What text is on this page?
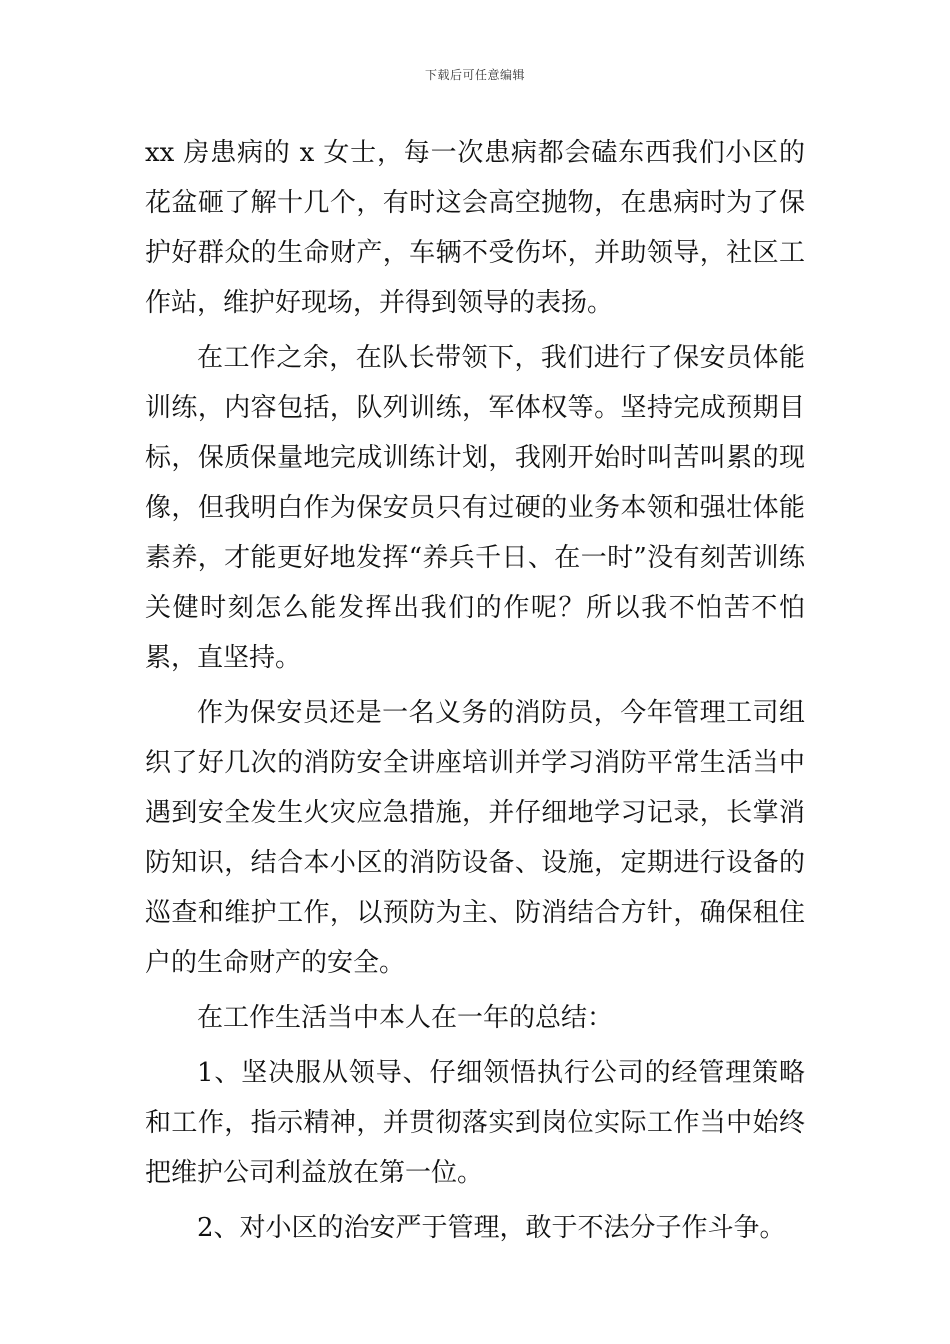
下载后可任意编辑

xx 房患病的 x 女士，每一次患病都会磕东西我们小区的花盆砸了解十几个，有时这会高空抛物，在患病时为了保护好群众的生命财产，车辆不受伤坏，并助领导，社区工作站，维护好现场，并得到领导的表扬。

在工作之余，在队长带领下，我们进行了保安员体能训练，内容包括，队列训练，军体权等。坚持完成预期目标，保质保量地完成训练计划，我刚开始时叫苦叫累的现像，但我明白作为保安员只有过硬的业务本领和强壮体能素养，才能更好地发挥“养兵千日、在一时”没有刻苦训练关健时刻怎么能发挥出我们的作呢？所以我不怕苦不怕累，直坚持。

作为保安员还是一名义务的消防员，今年管理工司组织了好几次的消防安全讲座培训并学习消防平常生活当中遇到安全发生火灾应急措施，并仔细地学习记录，长掌消防知识，结合本小区的消防设备、设施，定期进行设备的巡查和维护工作，以预防为主、防消结合方针，确保租住户的生命财产的安全。

在工作生活当中本人在一年的总结：

1、坚决服从领导、仔细领悟执行公司的经管理策略和工作，指示精神，并贯彻落实到岗位实际工作当中始终把维护公司利益放在第一位。

2、对小区的治安严于管理，敢于不法分子作斗争。
